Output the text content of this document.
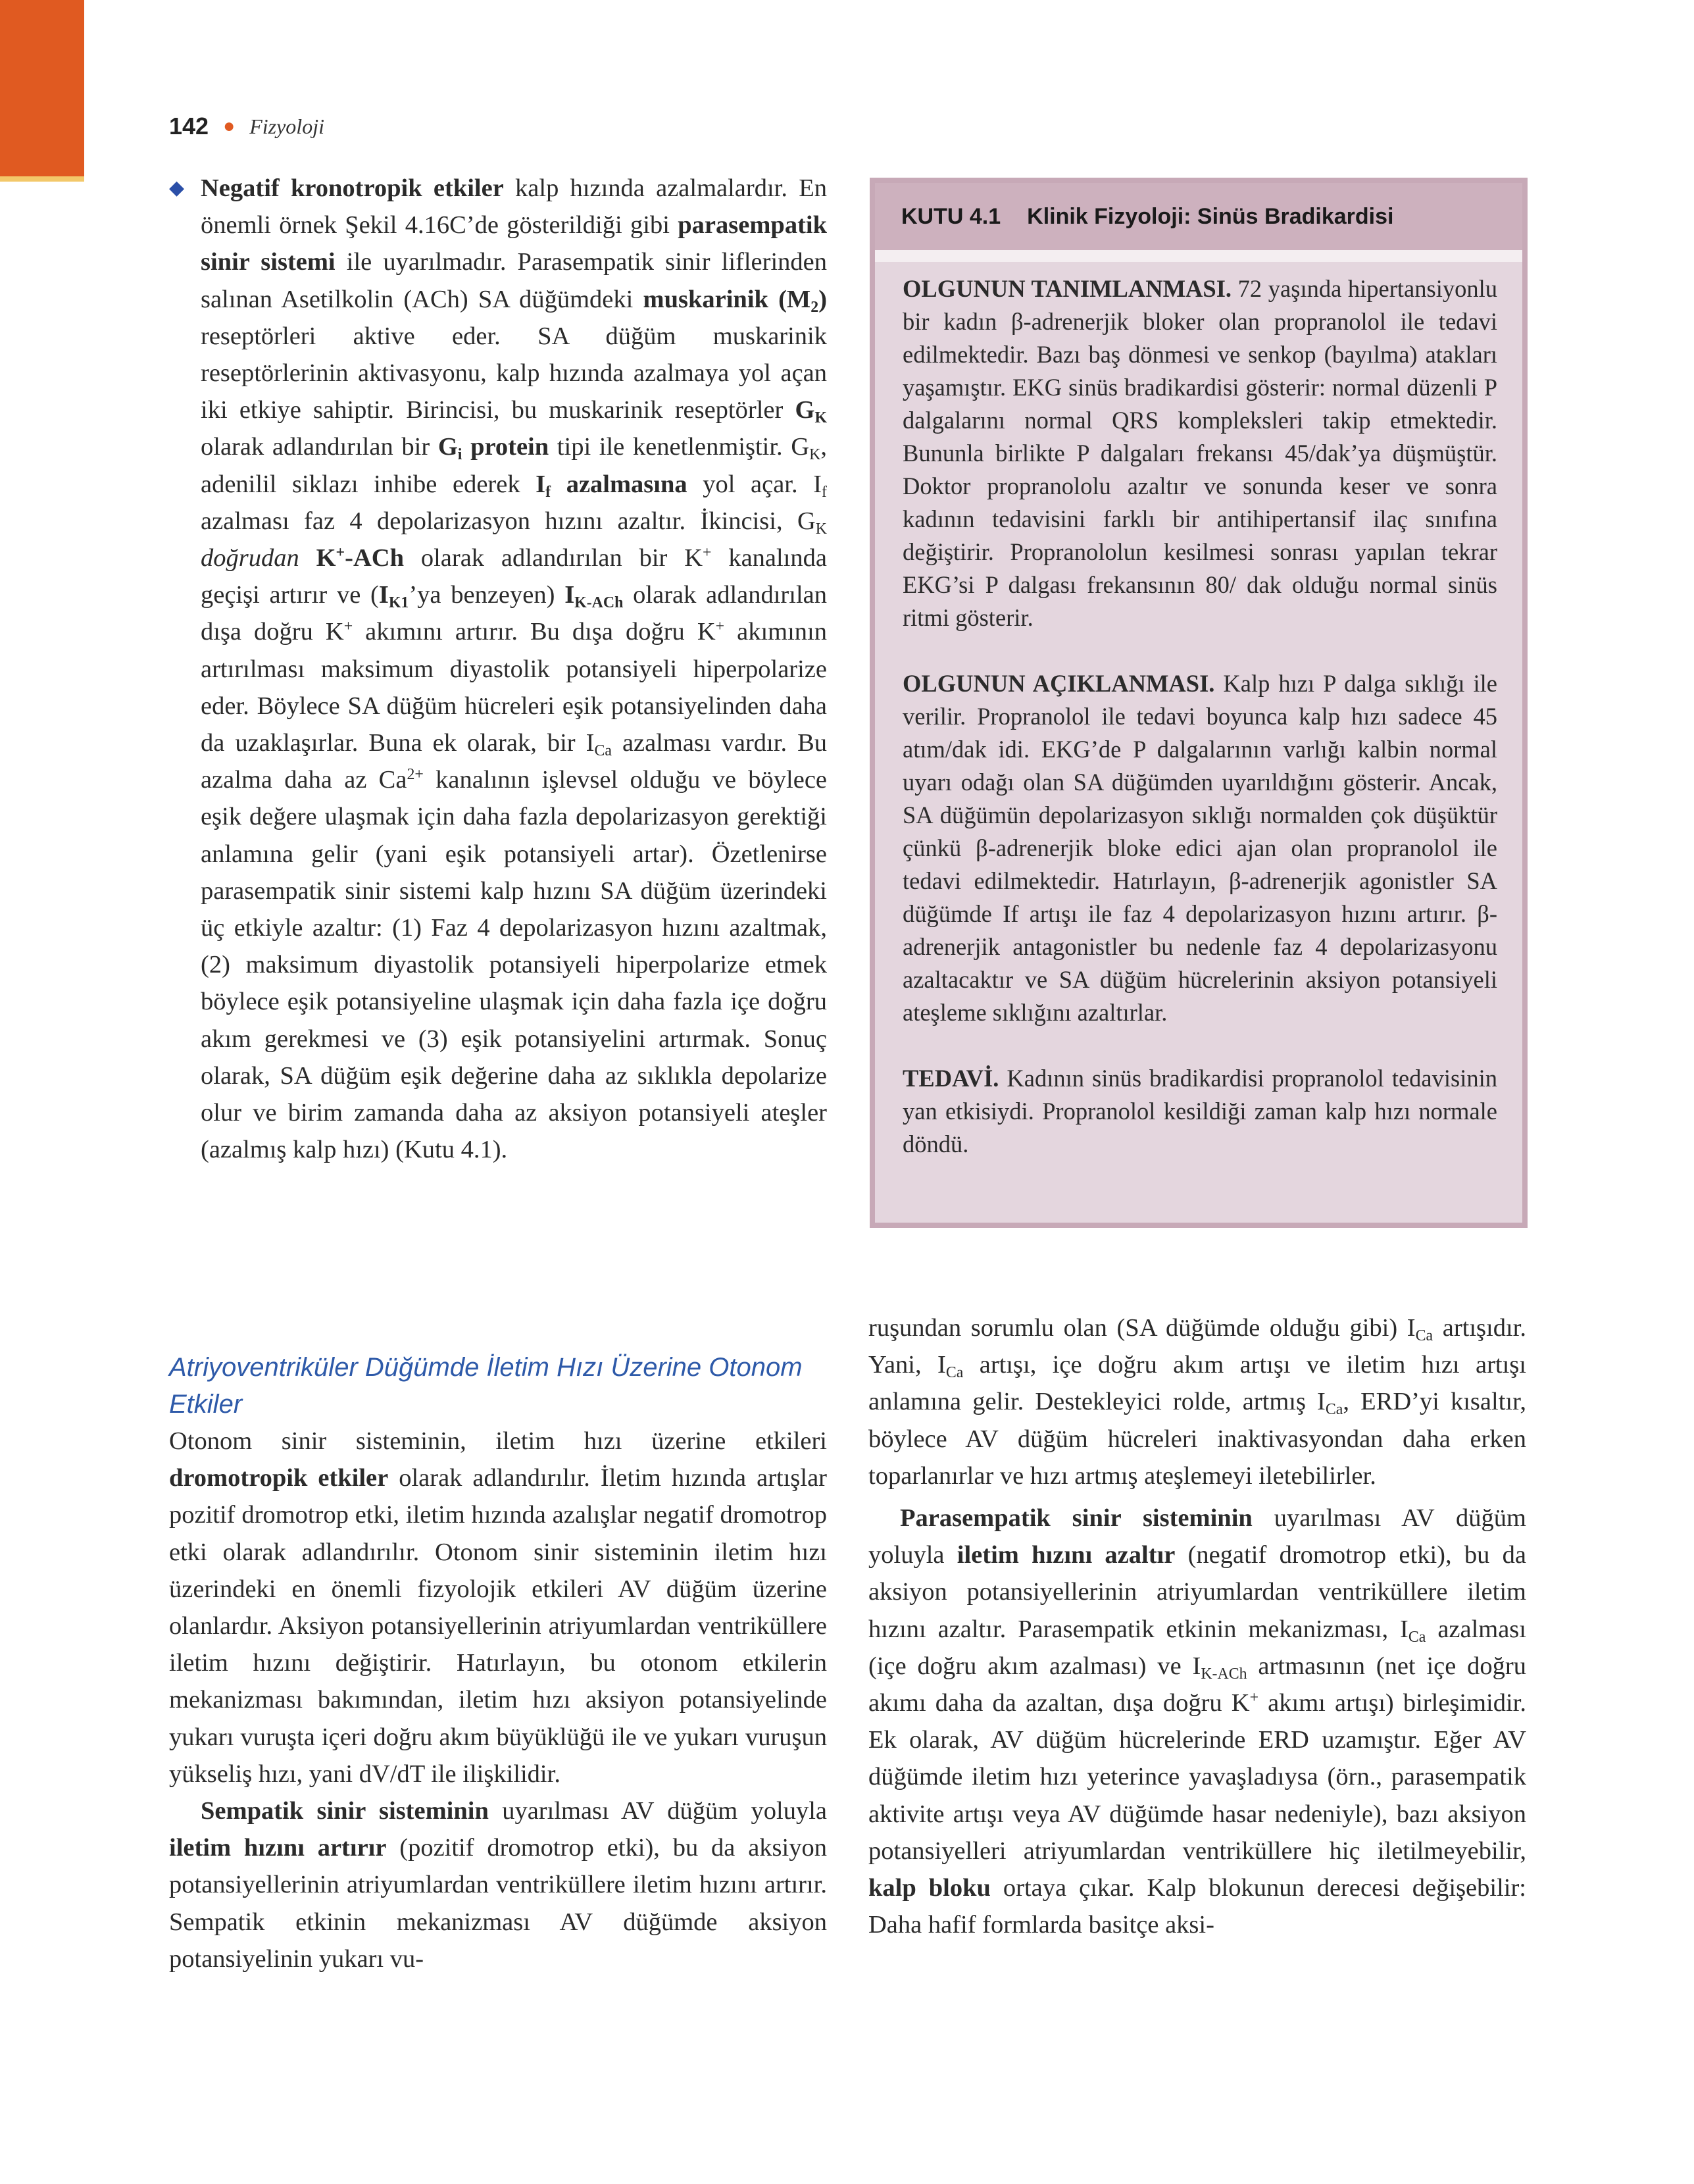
142 ● Fizyoloji

◆ Negatif kronotropik etkiler kalp hızında azalmalardır. En önemli örnek Şekil 4.16C’de gösterildiği gibi parasempatik sinir sistemi ile uyarılmadır. Parasempatik sinir liflerinden salınan Asetilkolin (ACh) SA düğümdeki muskarinik $(M_2)$ reseptörleri aktive eder. SA düğüm muskarinik reseptörlerinin aktivasyonu, kalp hızında azalmaya yol açan iki etkiye sahiptir. Birincisi, bu muskarinik reseptörler $G_K$ olarak adlandırılan bir $G_i$ protein tipi ile kenetlenmiştir. $G_K$, adenilil siklazı inhibe ederek $I_f$ azalmasına yol açar. $I_f$ azalması faz 4 depolarizasyon hızını azaltır. İkincisi, $G_K$ doğrudan K+-ACh olarak adlandırılan bir K+ kanalında geçişi artırır ve ($I_{K1}’ya$ benzeyen) $I_{K-ACh}$ olarak adlandırılan dışa doğru K+ akımını artırır. Bu dışa doğru K+ akımının artırılması maksimum diyastolik potansiyeli hiperpolarize eder. Böylece SA düğüm hücreleri eşik potansiyelinden daha da uzaklaşırlar. Buna ek olarak, bir $I_{Ca}$ azalması vardır. Bu azalma daha az $Ca^{2+}$ kanalının işlevsel olduğu ve böylece eşik değere ulaşmak için daha fazla depolarizasyon gerektiği anlamına gelir (yani eşik potansiyeli artar). Özetlenirse parasempatik sinir sistemi kalp hızını SA düğüm üzerindeki üç etkiyle azaltır: (1) Faz 4 depolarizasyon hızını azaltmak, (2) maksimum diyastolik potansiyeli hiperpolarize etmek böylece eşik potansiyeline ulaşmak için daha fazla içe doğru akım gerekmesi ve (3) eşik potansiyelini artırmak. Sonuç olarak, SA düğüm eşik değerine daha az sıklıkla depolarize olur ve birim zamanda daha az aksiyon potansiyeli ateşler (azalmış kalp hızı) (Kutu 4.1).

Atriyoventriküler Düğümde İletim Hızı Üzerine Otonom Etkiler

Otonom sinir sisteminin, iletim hızı üzerine etkileri dromotropik etkiler olarak adlandırılır. İletim hızında artışlar pozitif dromotrop etki, iletim hızında azalışlar negatif dromotrop etki olarak adlandırılır. Otonom sinir sisteminin iletim hızı üzerindeki en önemli fizyolojik etkileri AV düğüm üzerine olanlardır. Aksiyon potansiyellerinin atriyumlardan ventriküllere iletim hızını değiştirir. Hatırlayın, bu otonom etkilerin mekanizması bakımından, iletim hızı aksiyon potansiyelinde yukarı vuruşta içeri doğru akım büyüklüğü ile ve yukarı vuruşun yükseliş hızı, yani dV/dT ile ilişkilidir.

Sempatik sinir sisteminin uyarılması AV düğüm yoluyla iletim hızını artırır (pozitif dromotrop etki), bu da aksiyon potansiyellerinin atriyumlardan ventriküllere iletim hızını artırır. Sempatik etkinin mekanizması AV düğümde aksiyon potansiyelinin yukarı vu-

KUTU 4.1 Klinik Fizyoloji: Sinüs Bradikardisi

OLGUNUN TANIMLANMASI. 72 yaşında hipertansiyonlu bir kadın β-adrenerjik bloker olan propranolol ile tedavi edilmektedir. Bazı baş dönmesi ve senkop (bayılma) atakları yaşamıştır. EKG sinüs bradikardisi gösterir: normal düzenli P dalgalarını normal QRS kompleksleri takip etmektedir. Bununla birlikte P dalgaları frekansı 45/dak’ya düşmüştür. Doktor propranololu azaltır ve sonunda keser ve sonra kadının tedavisini farklı bir antihipertansif ilaç sınıfına değiştirir. Propranololun kesilmesi sonrası yapılan tekrar EKG’si P dalgası frekansının 80/ dak olduğu normal sinüs ritmi gösterir.

OLGUNUN AÇIKLANMASI. Kalp hızı P dalga sıklığı ile verilir. Propranolol ile tedavi boyunca kalp hızı sadece 45 atım/dak idi. EKG’de P dalgalarının varlığı kalbin normal uyarı odağı olan SA düğümden uyarıldığını gösterir. Ancak, SA düğümün depolarizasyon sıklığı normalden çok düşüktür çünkü β-adrenerjik bloke edici ajan olan propranolol ile tedavi edilmektedir. Hatırlayın, β-adrenerjik agonistler SA düğümde If artışı ile faz 4 depolarizasyon hızını artırır. β-adrenerjik antagonistler bu nedenle faz 4 depolarizasyonu azaltacaktır ve SA düğüm hücrelerinin aksiyon potansiyeli ateşleme sıklığını azaltırlar.

TEDAVİ. Kadının sinüs bradikardisi propranolol tedavisinin yan etkisiydi. Propranolol kesildiği zaman kalp hızı normale döndü.

ruşundan sorumlu olan (SA düğümde olduğu gibi) $I_{Ca}$ artışıdır. Yani, $I_{Ca}$ artışı, içe doğru akım artışı ve iletim hızı artışı anlamına gelir. Destekleyici rolde, artmış $I_{Ca}$, ERD’yi kısaltır, böylece AV düğüm hücreleri inaktivasyondan daha erken toparlanırlar ve hızı artmış ateşlemeyi iletebilirler.

Parasempatik sinir sisteminin uyarılması AV düğüm yoluyla iletim hızını azaltır (negatif dromotrop etki), bu da aksiyon potansiyellerinin atriyumlardan ventriküllere iletim hızını azaltır. Parasempatik etkinin mekanizması, $I_{Ca}$ azalması (içe doğru akım azalması) ve $I_{K-ACh}$ artmasının (net içe doğru akımı daha da azaltan, dışa doğru K+ akımı artışı) birleşimidir. Ek olarak, AV düğüm hücrelerinde ERD uzamıştır. Eğer AV düğümde iletim hızı yeterince yavaşladıysa (örn., parasempatik aktivite artışı veya AV düğümde hasar nedeniyle), bazı aksiyon potansiyelleri atriyumlardan ventriküllere hiç iletilmeyebilir, kalp bloku ortaya çıkar. Kalp blokunun derecesi değişebilir: Daha hafif formlarda basitçe aksi-
